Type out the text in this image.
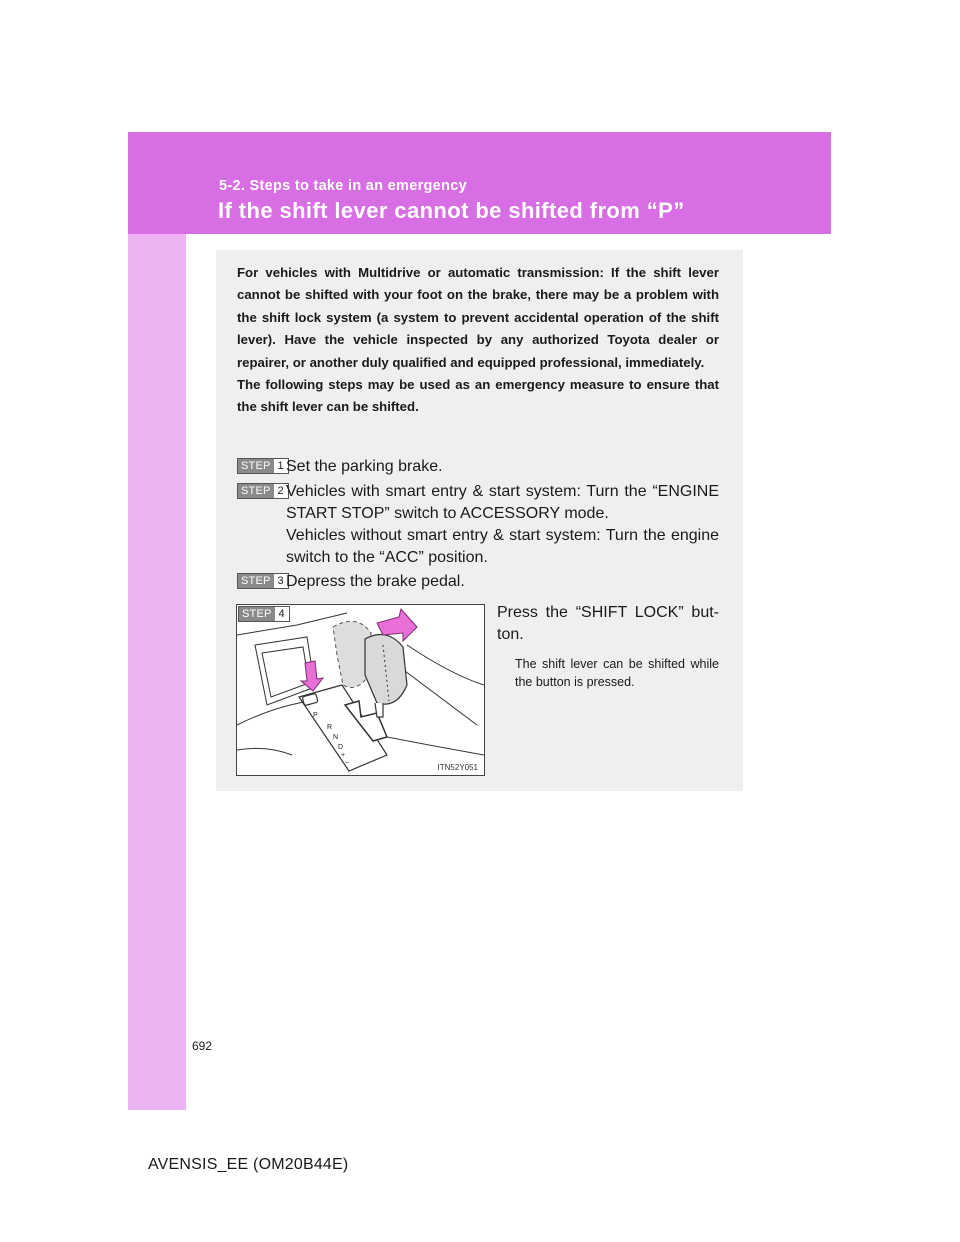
5-2. Steps to take in an emergency
If the shift lever cannot be shifted from “P”

For vehicles with Multidrive or automatic transmission: If the shift lever cannot be shifted with your foot on the brake, there may be a problem with the shift lock system (a system to prevent accidental operation of the shift lever). Have the vehicle inspected by any authorized Toyota dealer or repairer, or another duly qualified and equipped professional, immediately.

The following steps may be used as an emergency measure to ensure that the shift lever can be shifted.

STEP 1 Set the parking brake.
STEP 2 Vehicles with smart entry & start system: Turn the “ENGINE START STOP” switch to ACCESSORY mode.

Vehicles without smart entry & start system: Turn the engine switch to the “ACC” position.

STEP 3 Depress the brake pedal.
STEP 4
P
R
N
D
+
−	ITN52Y051

Press the “SHIFT LOCK” but-ton.

The shift lever can be shifted while the button is pressed.

692
AVENSIS_EE (OM20B44E)
